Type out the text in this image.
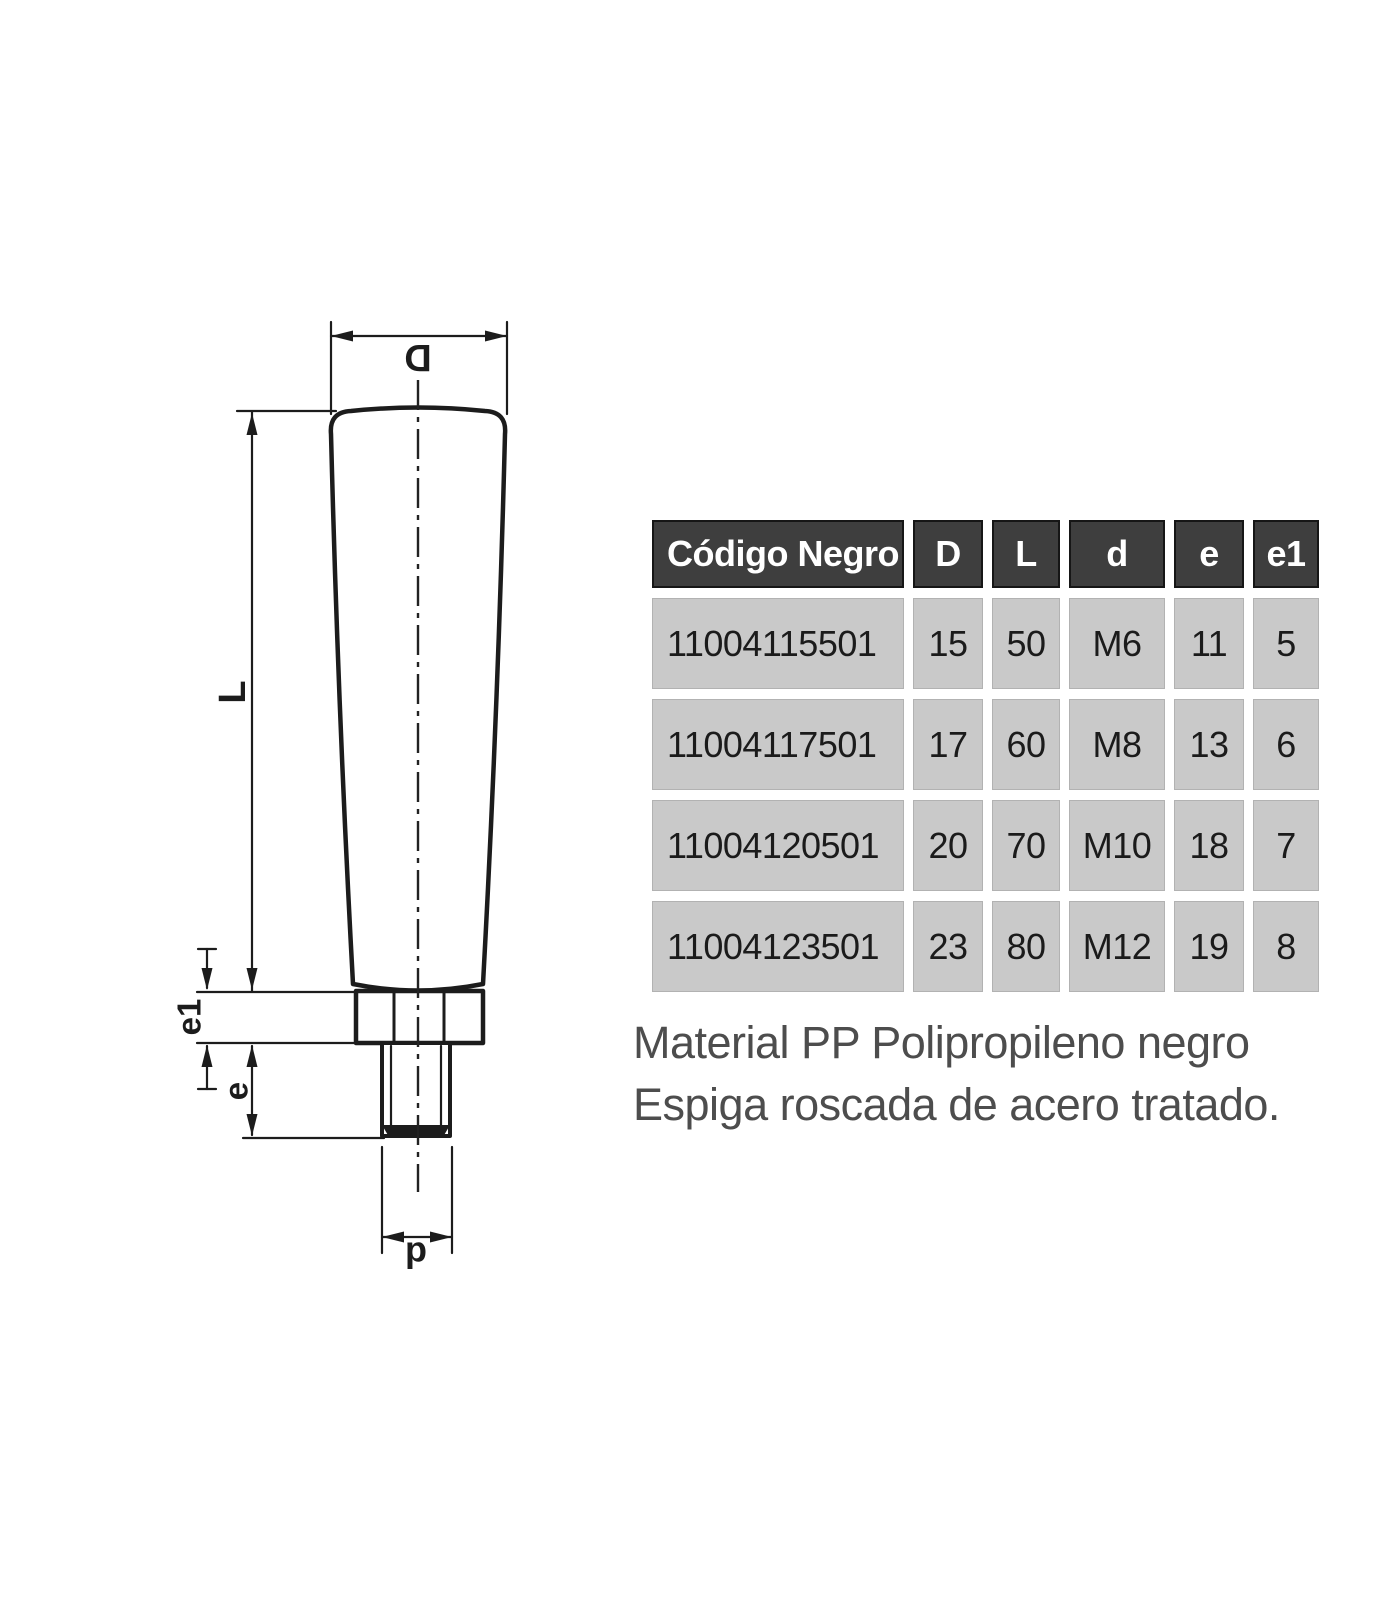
D
L
e1
e
d
Código Negro	D	L	d	e	e1
11004115501	15	50	M6	11	5
11004117501	17	60	M8	13	6
11004120501	20	70	M10	18	7
11004123501	23	80	M12	19	8
Material PP Polipropileno negro
Espiga roscada de acero tratado.
